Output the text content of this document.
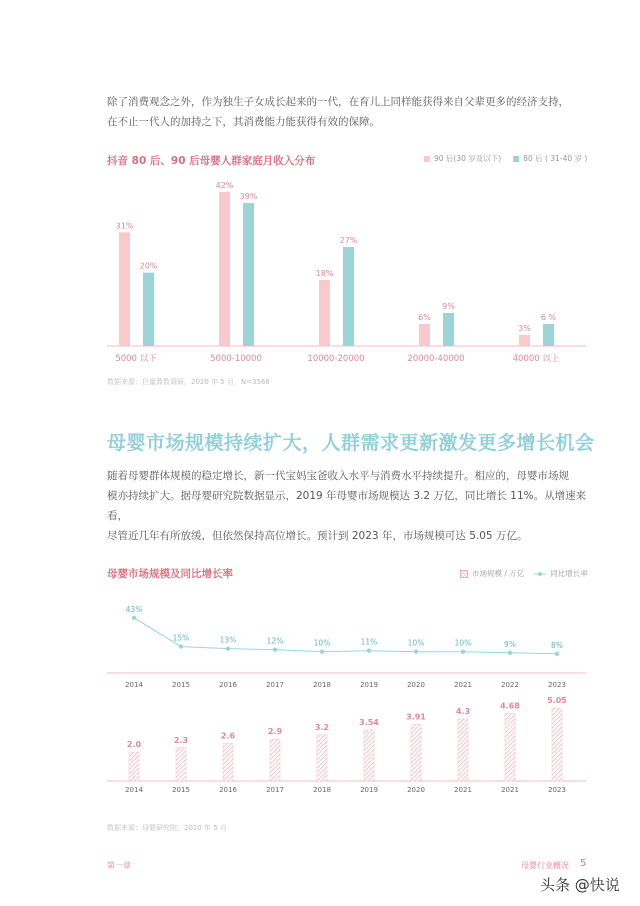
除了消费观念之外，作为独生子女成长起来的一代，在育儿上同样能获得来自父辈更多的经济支持，
在不止一代人的加持之下，其消费能力能获得有效的保障。
抖音 80 后、90 后母婴人群家庭月收入分布	90 后(30 岁及以下)	80 后 ( 31-40 岁 )
31%
20%
5000 以下
42%
39%
5000-10000
18%
27%
10000-20000
6%
9%
20000-40000
3%
6 %
40000 以上
数据来源：巨量算数调研，2020 年 5 月，N=3568
母婴市场规模持续扩大，人群需求更新激发更多增长机会
随着母婴群体规模的稳定增长，新一代宝妈宝爸收入水平与消费水平持续提升。相应的，母婴市场规
模亦持续扩大。据母婴研究院数据显示，2019 年母婴市场规模达 3.2 万亿，同比增长 11%。从增速来看，
尽管近几年有所放缓，但依然保持高位增长。预计到 2023 年，市场规模可达 5.05 万亿。
母婴市场规模及同比增长率	市场规模 / 万亿	同比增长率
43%
2014
15%
2015
13%
2016
12%
2017
10%
2018
11%
2019
10%
2020
10%
2021
9%
2022
8%
2023
2.0
2014
2.3
2015
2.6
2016
2.9
2017
3.2
2018
3.54
2019
3.91
2020
4.3
2021
4.68
2021
5.05
2023
数据来源：母婴研究院，2020 年 5 月
第一章	母婴行业概况 5
头条 @快说
